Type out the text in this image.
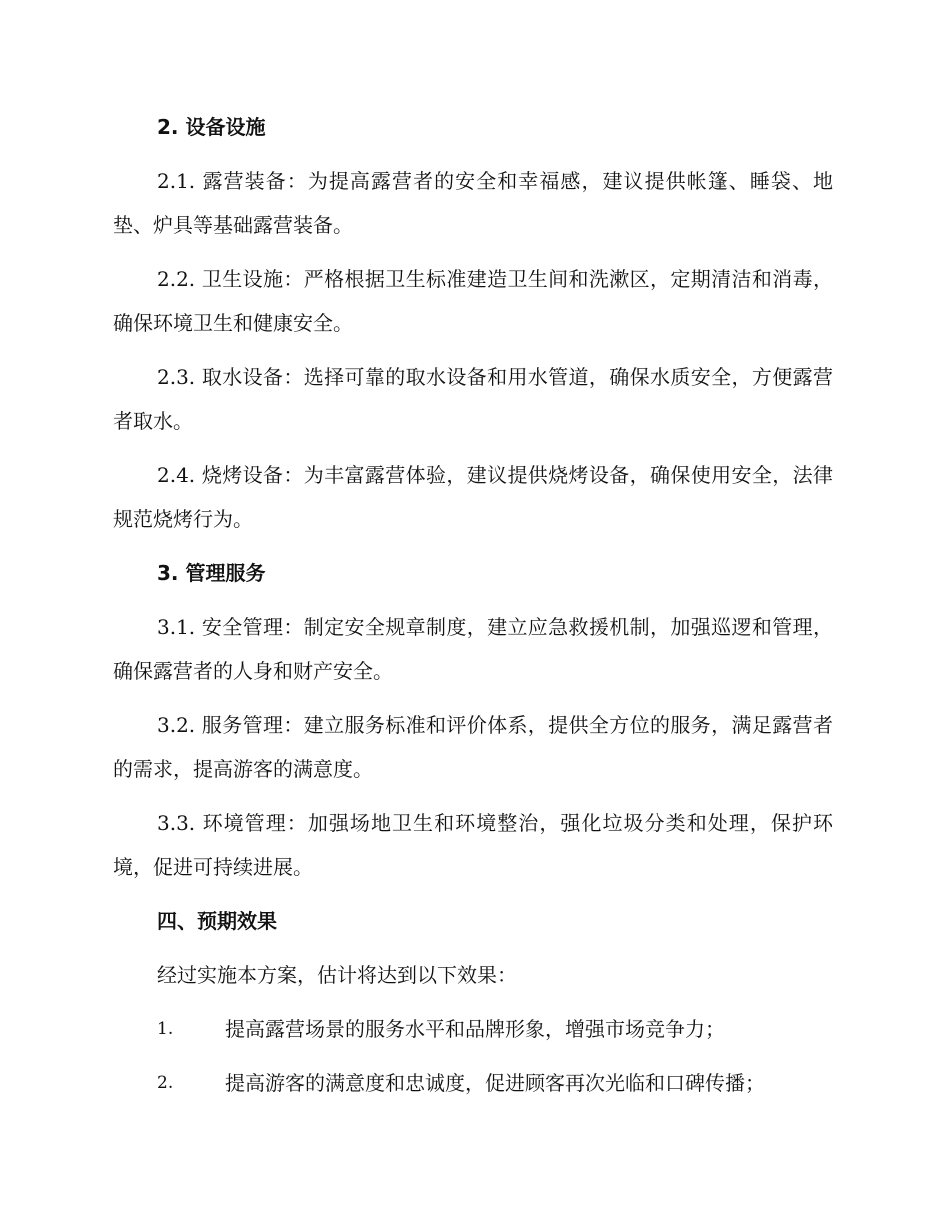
2. 设备设施

2.1. 露营装备：为提高露营者的安全和幸福感，建议提供帐篷、睡袋、地垫、炉具等基础露营装备。

2.2. 卫生设施：严格根据卫生标准建造卫生间和洗漱区，定期清洁和消毒，确保环境卫生和健康安全。

2.3. 取水设备：选择可靠的取水设备和用水管道，确保水质安全，方便露营者取水。

2.4. 烧烤设备：为丰富露营体验，建议提供烧烤设备，确保使用安全，法律规范烧烤行为。

3. 管理服务

3.1. 安全管理：制定安全规章制度，建立应急救援机制，加强巡逻和管理，确保露营者的人身和财产安全。

3.2. 服务管理：建立服务标准和评价体系，提供全方位的服务，满足露营者的需求，提高游客的满意度。

3.3. 环境管理：加强场地卫生和环境整治，强化垃圾分类和处理，保护环境，促进可持续进展。

四、预期效果
经过实施本方案，估计将达到以下效果：
1.	提高露营场景的服务水平和品牌形象，增强市场竞争力；
2.	提高游客的满意度和忠诚度，促进顾客再次光临和口碑传播；
